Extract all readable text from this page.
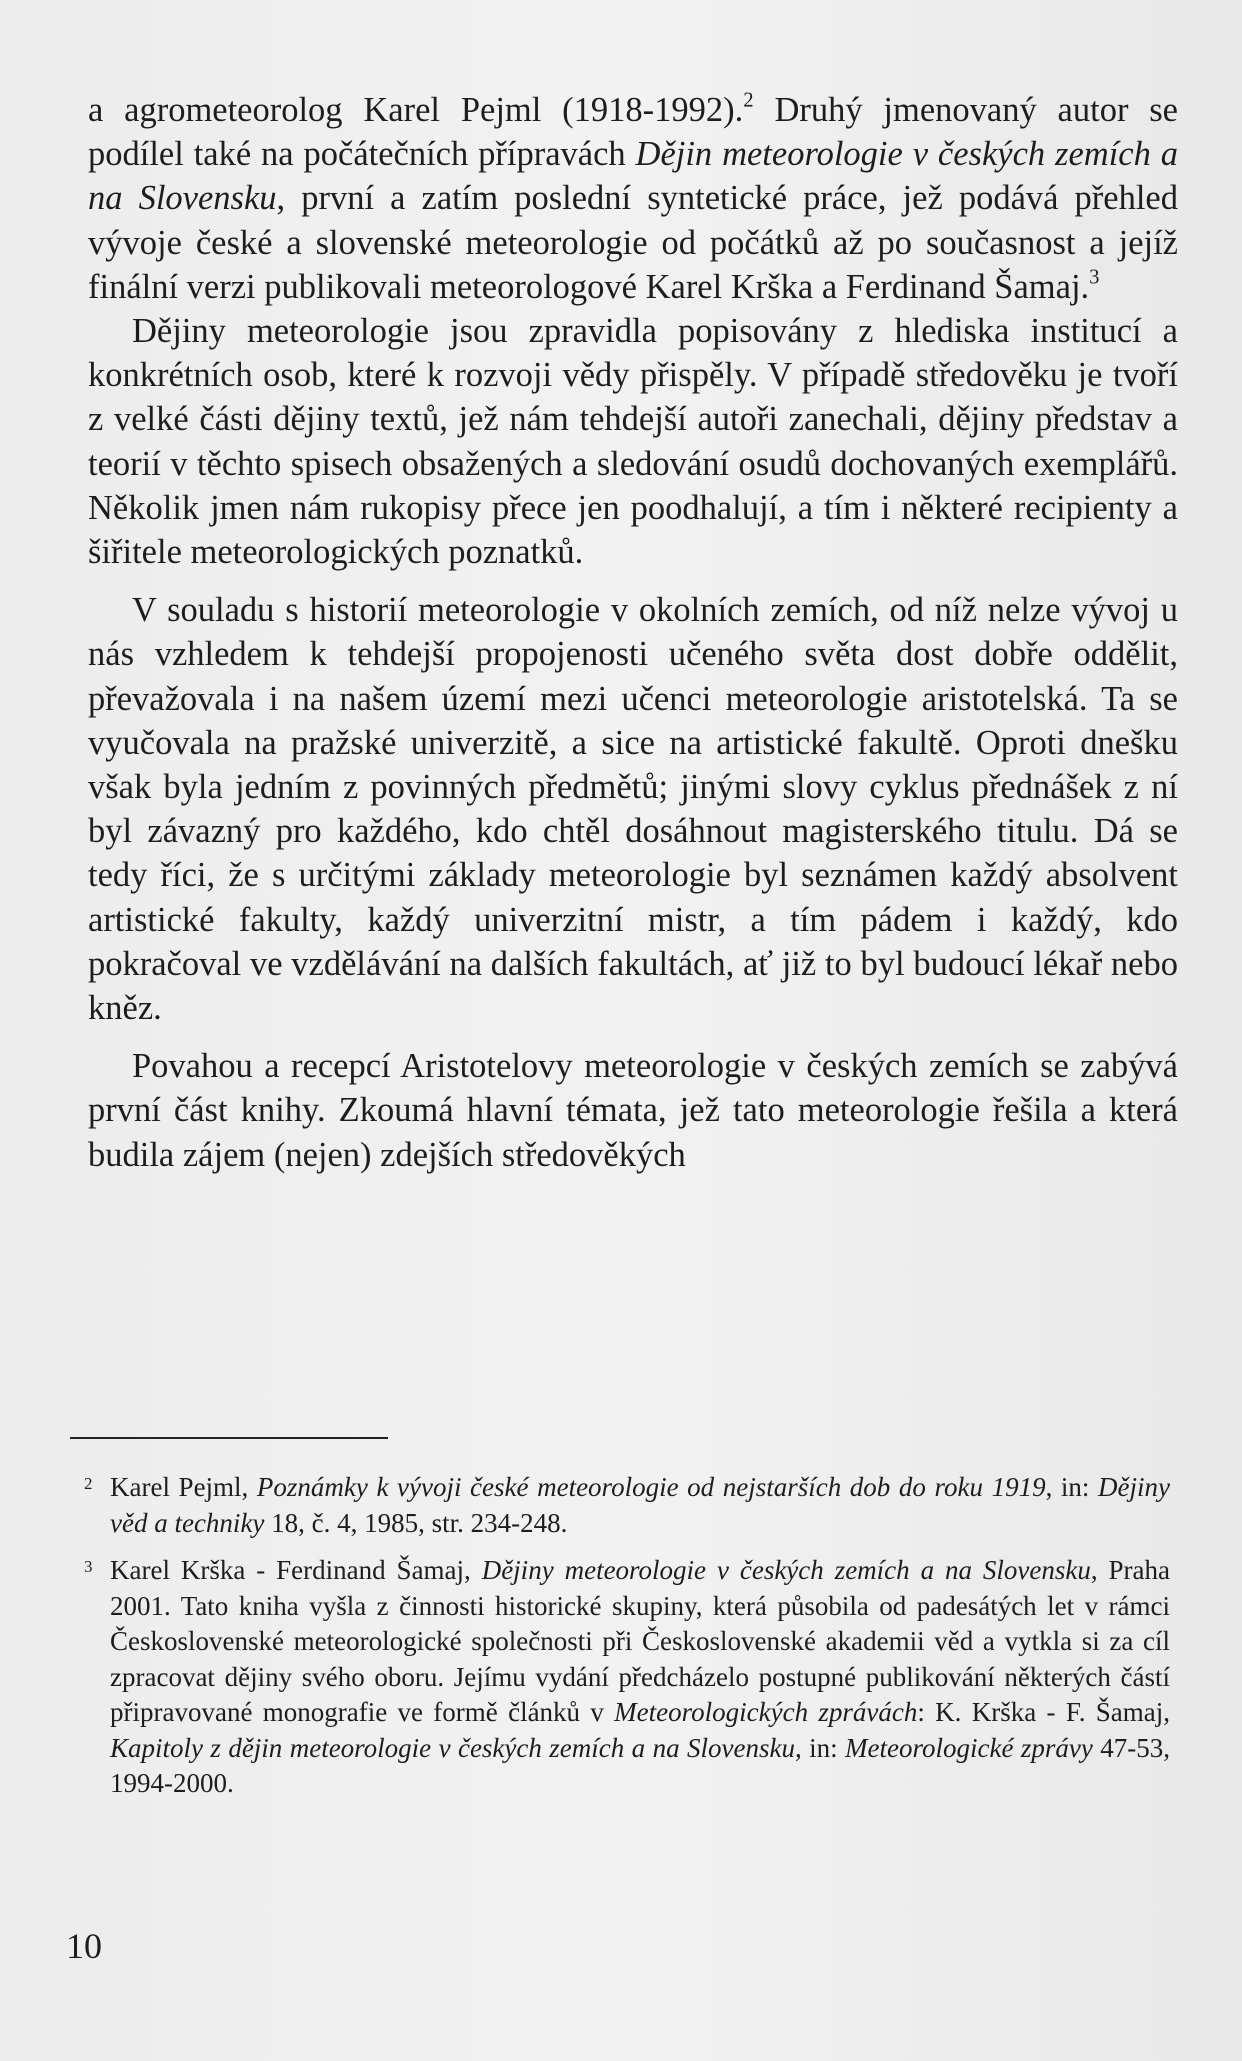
a agrometeorolog Karel Pejml (1918-1992).$^2$ Druhý jmenovaný autor se podílel také na počátečních přípravách Dějin meteorologie v českých zemích a na Slovensku, první a zatím poslední syntetické práce, jež podává přehled vývoje české a slovenské meteorologie od počátků až po současnost a jejíž finální verzi publikovali meteorologové Karel Krška a Ferdinand Šamaj.$^3$

Dějiny meteorologie jsou zpravidla popisovány z hlediska institucí a konkrétních osob, které k rozvoji vědy přispěly. V případě středověku je tvoří z velké části dějiny textů, jež nám tehdejší autoři zanechali, dějiny představ a teorií v těchto spisech obsažených a sledování osudů dochovaných exemplářů. Několik jmen nám rukopisy přece jen poodhalují, a tím i některé recipienty a šiřitele meteorologických poznatků.

V souladu s historií meteorologie v okolních zemích, od níž nelze vývoj u nás vzhledem k tehdejší propojenosti učeného světa dost dobře oddělit, převažovala i na našem území mezi učenci meteorologie aristotelská. Ta se vyučovala na pražské univerzitě, a sice na artistické fakultě. Oproti dnešku však byla jedním z povinných předmětů; jinými slovy cyklus přednášek z ní byl závazný pro každého, kdo chtěl dosáhnout magisterského titulu. Dá se tedy říci, že s určitými základy meteorologie byl seznámen každý absolvent artistické fakulty, každý univerzitní mistr, a tím pádem i každý, kdo pokračoval ve vzdělávání na dalších fakultách, ať již to byl budoucí lékař nebo kněz.

Povahou a recepcí Aristotelovy meteorologie v českých zemích se zabývá první část knihy. Zkoumá hlavní témata, jež tato meteorologie řešila a která budila zájem (nejen) zdejších středověkých

2 Karel Pejml, Poznámky k vývoji české meteorologie od nejstarších dob do roku 1919, in: Dějiny věd a techniky 18, č. 4, 1985, str. 234-248.
3 Karel Krška - Ferdinand Šamaj, Dějiny meteorologie v českých zemích a na Slovensku, Praha 2001. Tato kniha vyšla z činnosti historické skupiny, která působila od padesátých let v rámci Československé meteorologické společnosti při Československé akademii věd a vytkla si za cíl zpracovat dějiny svého oboru. Jejímu vydání předcházelo postupné publikování některých částí připravované monografie ve formě článků v Meteorologických zprávách: K. Krška - F. Šamaj, Kapitoly z dějin meteorologie v českých zemích a na Slovensku, in: Meteorologické zprávy 47-53, 1994-2000.
10
